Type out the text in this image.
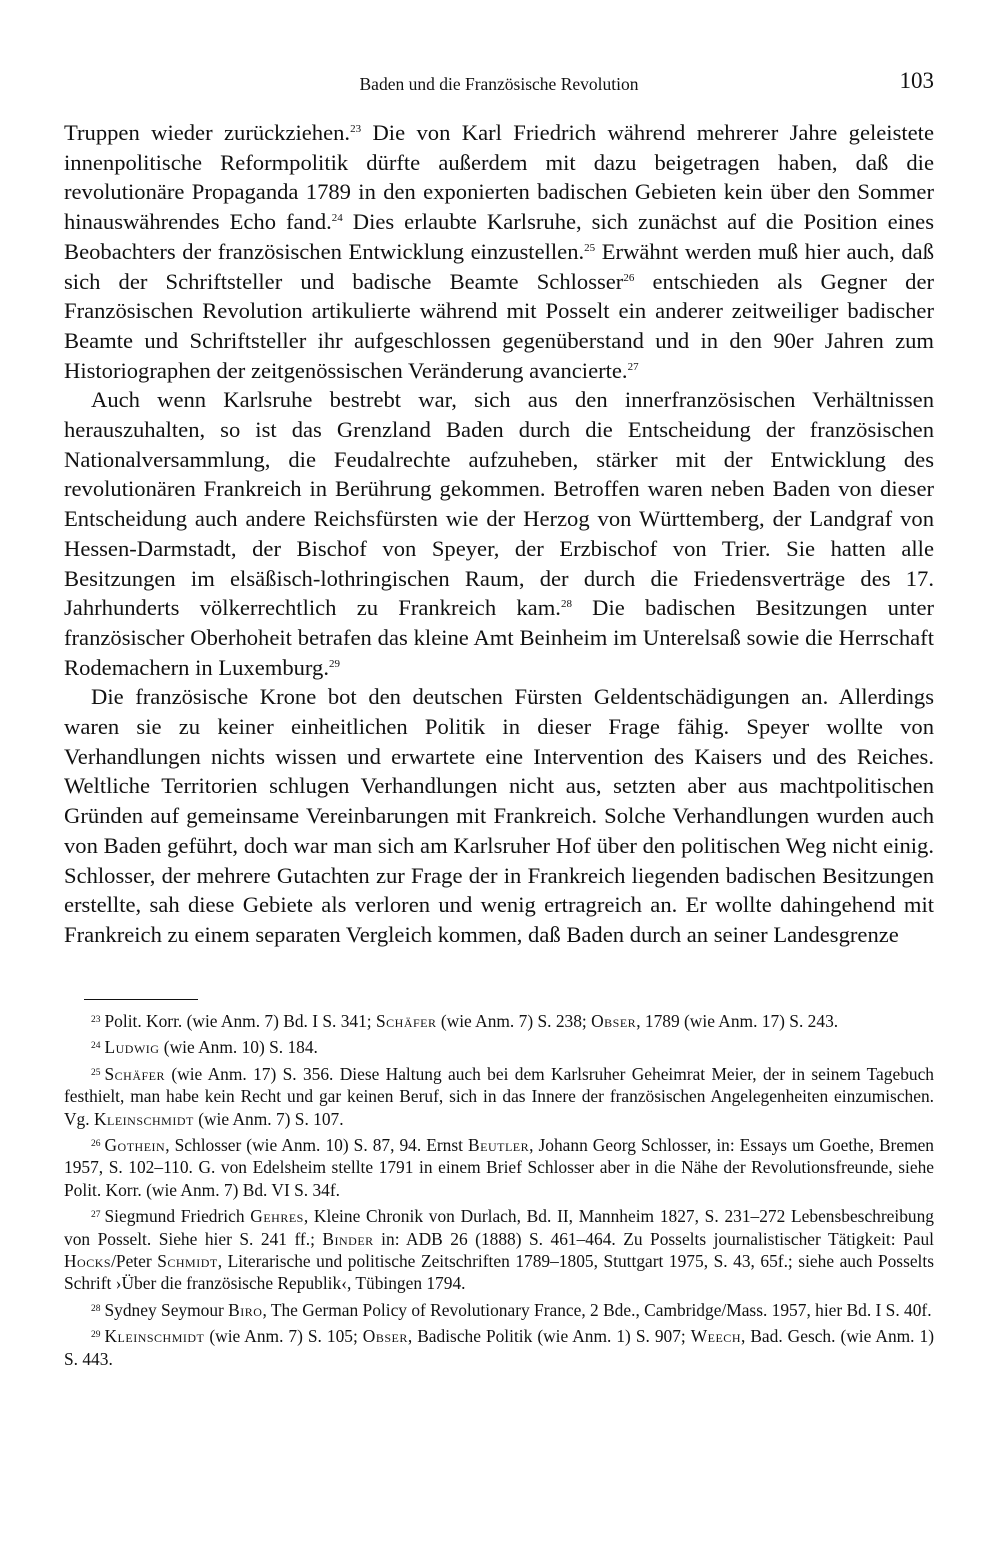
Baden und die Französische Revolution	103

Truppen wieder zurückziehen.$^{23}$ Die von Karl Friedrich während mehrerer Jahre geleistete innenpolitische Reformpolitik dürfte außerdem mit dazu beigetragen haben, daß die revolutionäre Propaganda 1789 in den exponierten badischen Gebieten kein über den Sommer hinauswährendes Echo fand.$^{24}$ Dies erlaubte Karlsruhe, sich zunächst auf die Position eines Beobachters der französischen Entwicklung einzustellen.$^{25}$ Erwähnt werden muß hier auch, daß sich der Schriftsteller und badische Beamte Schlosser$^{26}$ entschieden als Gegner der Französischen Revolution artikulierte während mit Posselt ein anderer zeitweiliger badischer Beamte und Schriftsteller ihr aufgeschlossen gegenüberstand und in den 90er Jahren zum Historiographen der zeitgenössischen Veränderung avancierte.$^{27}$

Auch wenn Karlsruhe bestrebt war, sich aus den innerfranzösischen Verhältnissen herauszuhalten, so ist das Grenzland Baden durch die Entscheidung der französischen Nationalversammlung, die Feudalrechte aufzuheben, stärker mit der Entwicklung des revolutionären Frankreich in Berührung gekommen. Betroffen waren neben Baden von dieser Entscheidung auch andere Reichsfürsten wie der Herzog von Württemberg, der Landgraf von Hessen-Darmstadt, der Bischof von Speyer, der Erzbischof von Trier. Sie hatten alle Besitzungen im elsäßisch-lothringischen Raum, der durch die Friedensverträge des 17. Jahrhunderts völkerrechtlich zu Frankreich kam.$^{28}$ Die badischen Besitzungen unter französischer Oberhoheit betrafen das kleine Amt Beinheim im Unterelsaß sowie die Herrschaft Rodemachern in Luxemburg.$^{29}$

Die französische Krone bot den deutschen Fürsten Geldentschädigungen an. Allerdings waren sie zu keiner einheitlichen Politik in dieser Frage fähig. Speyer wollte von Verhandlungen nichts wissen und erwartete eine Intervention des Kaisers und des Reiches. Weltliche Territorien schlugen Verhandlungen nicht aus, setzten aber aus machtpolitischen Gründen auf gemeinsame Vereinbarungen mit Frankreich. Solche Verhandlungen wurden auch von Baden geführt, doch war man sich am Karlsruher Hof über den politischen Weg nicht einig. Schlosser, der mehrere Gutachten zur Frage der in Frankreich liegenden badischen Besitzungen erstellte, sah diese Gebiete als verloren und wenig ertragreich an. Er wollte dahingehend mit Frankreich zu einem separaten Vergleich kommen, daß Baden durch an seiner Landesgrenze

$^{23}$ Polit. Korr. (wie Anm. 7) Bd. I S. 341; Schäfer (wie Anm. 7) S. 238; Obser, 1789 (wie Anm. 17) S. 243.

$^{24}$ Ludwig (wie Anm. 10) S. 184.

$^{25}$ Schäfer (wie Anm. 17) S. 356. Diese Haltung auch bei dem Karlsruher Geheimrat Meier, der in seinem Tagebuch festhielt, man habe kein Recht und gar keinen Beruf, sich in das Innere der französischen Angelegenheiten einzumischen. Vg. Kleinschmidt (wie Anm. 7) S. 107.

$^{26}$ Gothein, Schlosser (wie Anm. 10) S. 87, 94. Ernst Beutler, Johann Georg Schlosser, in: Essays um Goethe, Bremen 1957, S. 102–110. G. von Edelsheim stellte 1791 in einem Brief Schlosser aber in die Nähe der Revolutionsfreunde, siehe Polit. Korr. (wie Anm. 7) Bd. VI S. 34f.

$^{27}$ Siegmund Friedrich Gehres, Kleine Chronik von Durlach, Bd. II, Mannheim 1827, S. 231–272 Lebensbeschreibung von Posselt. Siehe hier S. 241 ff.; Binder in: ADB 26 (1888) S. 461–464. Zu Posselts journalistischer Tätigkeit: Paul Hocks/Peter Schmidt, Literarische und politische Zeitschriften 1789–1805, Stuttgart 1975, S. 43, 65f.; siehe auch Posselts Schrift ›Über die französische Republik‹, Tübingen 1794.

$^{28}$ Sydney Seymour Biro, The German Policy of Revolutionary France, 2 Bde., Cambridge/Mass. 1957, hier Bd. I S. 40f.

$^{29}$ Kleinschmidt (wie Anm. 7) S. 105; Obser, Badische Politik (wie Anm. 1) S. 907; Weech, Bad. Gesch. (wie Anm. 1) S. 443.
